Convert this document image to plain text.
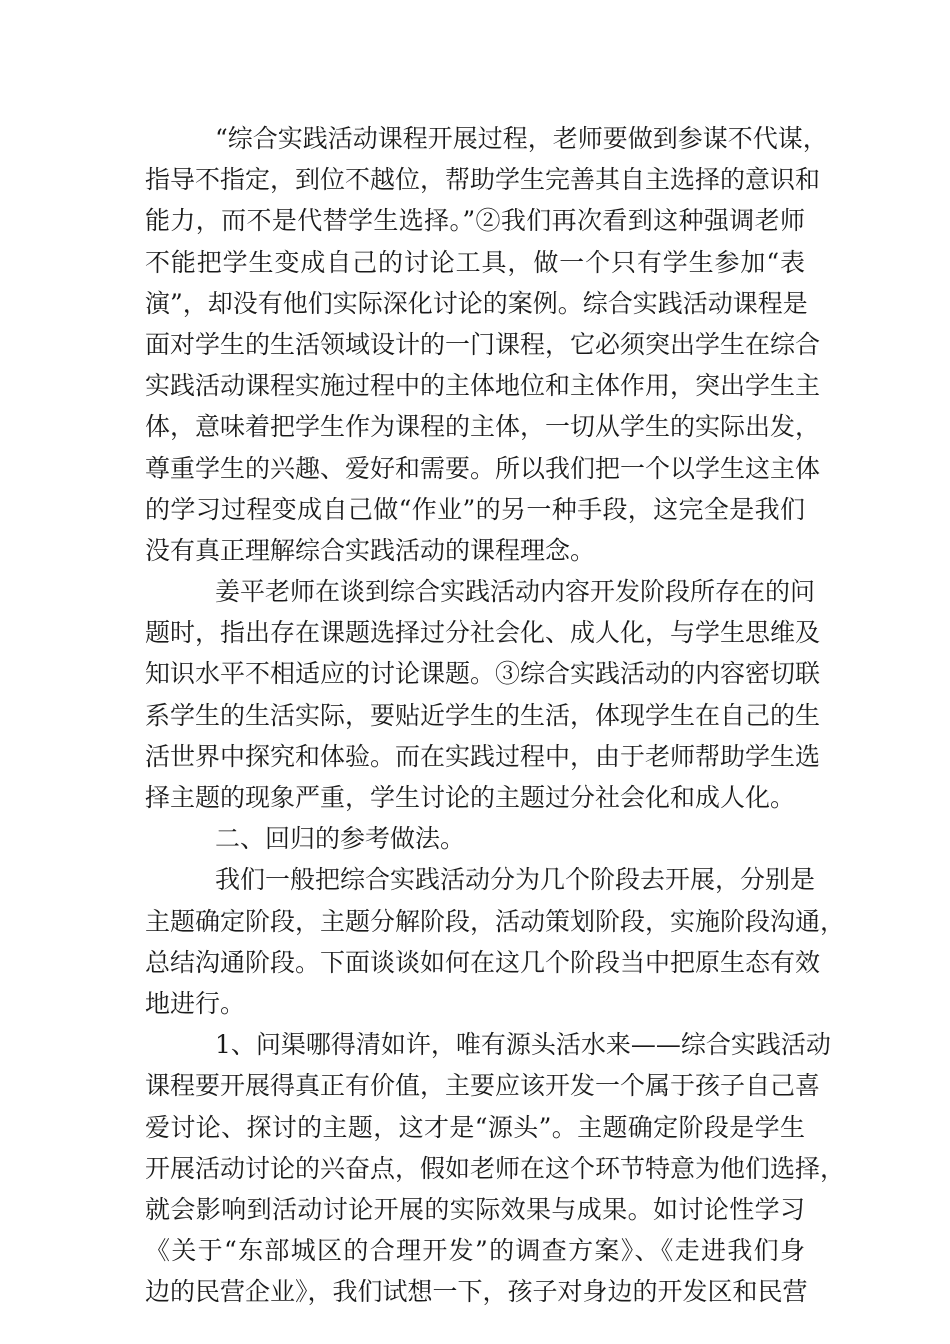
“综合实践活动课程开展过程，老师要做到参谋不代谋，
指导不指定，到位不越位，帮助学生完善其自主选择的意识和
能力，而不是代替学生选择。”②我们再次看到这种强调老师
不能把学生变成自己的讨论工具，做一个只有学生参加“表
演”，却没有他们实际深化讨论的案例。综合实践活动课程是
面对学生的生活领域设计的一门课程，它必须突出学生在综合
实践活动课程实施过程中的主体地位和主体作用，突出学生主
体，意味着把学生作为课程的主体，一切从学生的实际出发，
尊重学生的兴趣、爱好和需要。所以我们把一个以学生这主体
的学习过程变成自己做“作业”的另一种手段，这完全是我们
没有真正理解综合实践活动的课程理念。
姜平老师在谈到综合实践活动内容开发阶段所存在的问
题时，指出存在课题选择过分社会化、成人化，与学生思维及
知识水平不相适应的讨论课题。③综合实践活动的内容密切联
系学生的生活实际，要贴近学生的生活，体现学生在自己的生
活世界中探究和体验。而在实践过程中，由于老师帮助学生选
择主题的现象严重，学生讨论的主题过分社会化和成人化。
二、回归的参考做法。
我们一般把综合实践活动分为几个阶段去开展，分别是
主题确定阶段，主题分解阶段，活动策划阶段，实施阶段沟通，
总结沟通阶段。下面谈谈如何在这几个阶段当中把原生态有效
地进行。
1、问渠哪得清如许，唯有源头活水来——综合实践活动
课程要开展得真正有价值，主要应该开发一个属于孩子自己喜
爱讨论、探讨的主题，这才是“源头”。主题确定阶段是学生
开展活动讨论的兴奋点，假如老师在这个环节特意为他们选择，
就会影响到活动讨论开展的实际效果与成果。如讨论性学习
《关于“东部城区的合理开发”的调查方案》、《走进我们身
边的民营企业》，我们试想一下，孩子对身边的开发区和民营
